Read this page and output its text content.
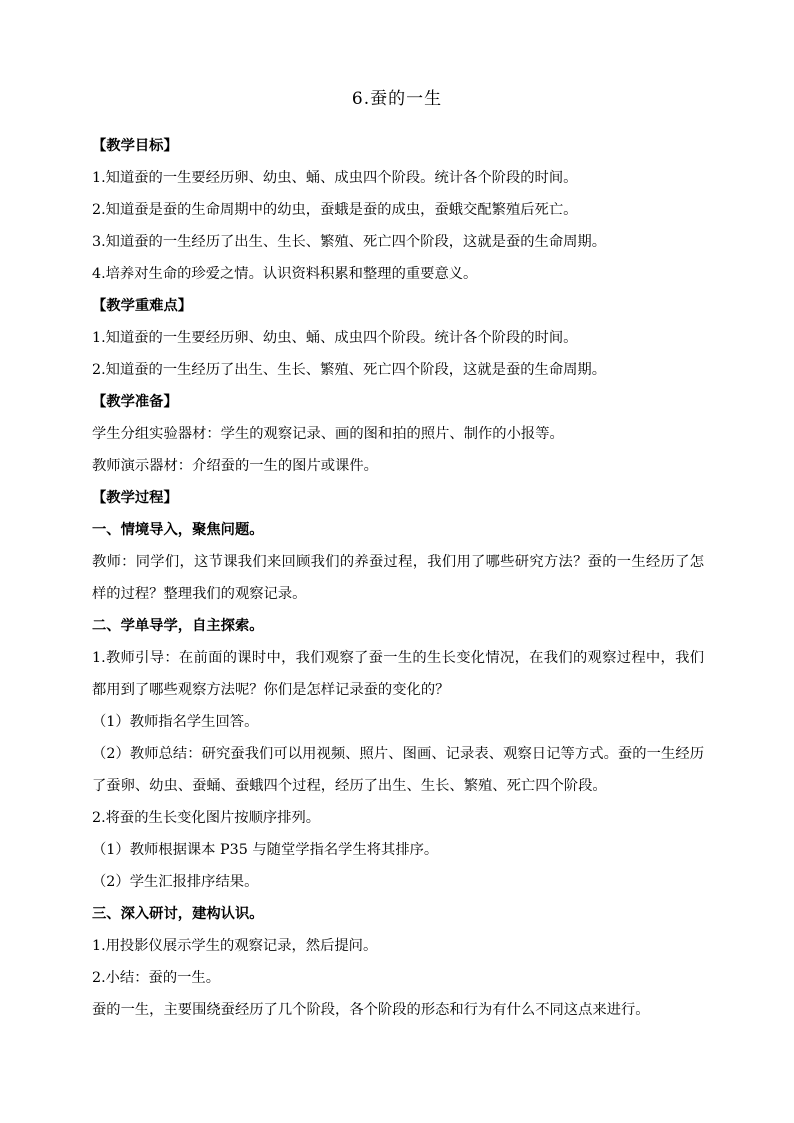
6.蚕的一生
【教学目标】
1.知道蚕的一生要经历卵、幼虫、蛹、成虫四个阶段。统计各个阶段的时间。
2.知道蚕是蚕的生命周期中的幼虫，蚕蛾是蚕的成虫，蚕蛾交配繁殖后死亡。
3.知道蚕的一生经历了出生、生长、繁殖、死亡四个阶段，这就是蚕的生命周期。
4.培养对生命的珍爱之情。认识资料积累和整理的重要意义。
【教学重难点】
1.知道蚕的一生要经历卵、幼虫、蛹、成虫四个阶段。统计各个阶段的时间。
2.知道蚕的一生经历了出生、生长、繁殖、死亡四个阶段，这就是蚕的生命周期。
【教学准备】
学生分组实验器材：学生的观察记录、画的图和拍的照片、制作的小报等。
教师演示器材：介绍蚕的一生的图片或课件。
【教学过程】
一、情境导入，聚焦问题。
教师：同学们，这节课我们来回顾我们的养蚕过程，我们用了哪些研究方法？蚕的一生经历了怎样的过程？整理我们的观察记录。
二、学单导学，自主探索。
1.教师引导：在前面的课时中，我们观察了蚕一生的生长变化情况，在我们的观察过程中，我们都用到了哪些观察方法呢？你们是怎样记录蚕的变化的？
（1）教师指名学生回答。
（2）教师总结：研究蚕我们可以用视频、照片、图画、记录表、观察日记等方式。蚕的一生经历了蚕卵、幼虫、蚕蛹、蚕蛾四个过程，经历了出生、生长、繁殖、死亡四个阶段。
2.将蚕的生长变化图片按顺序排列。
（1）教师根据课本 P35 与随堂学指名学生将其排序。
（2）学生汇报排序结果。
三、深入研讨，建构认识。
1.用投影仪展示学生的观察记录，然后提问。
2.小结：蚕的一生。
蚕的一生，主要围绕蚕经历了几个阶段，各个阶段的形态和行为有什么不同这点来进行。
